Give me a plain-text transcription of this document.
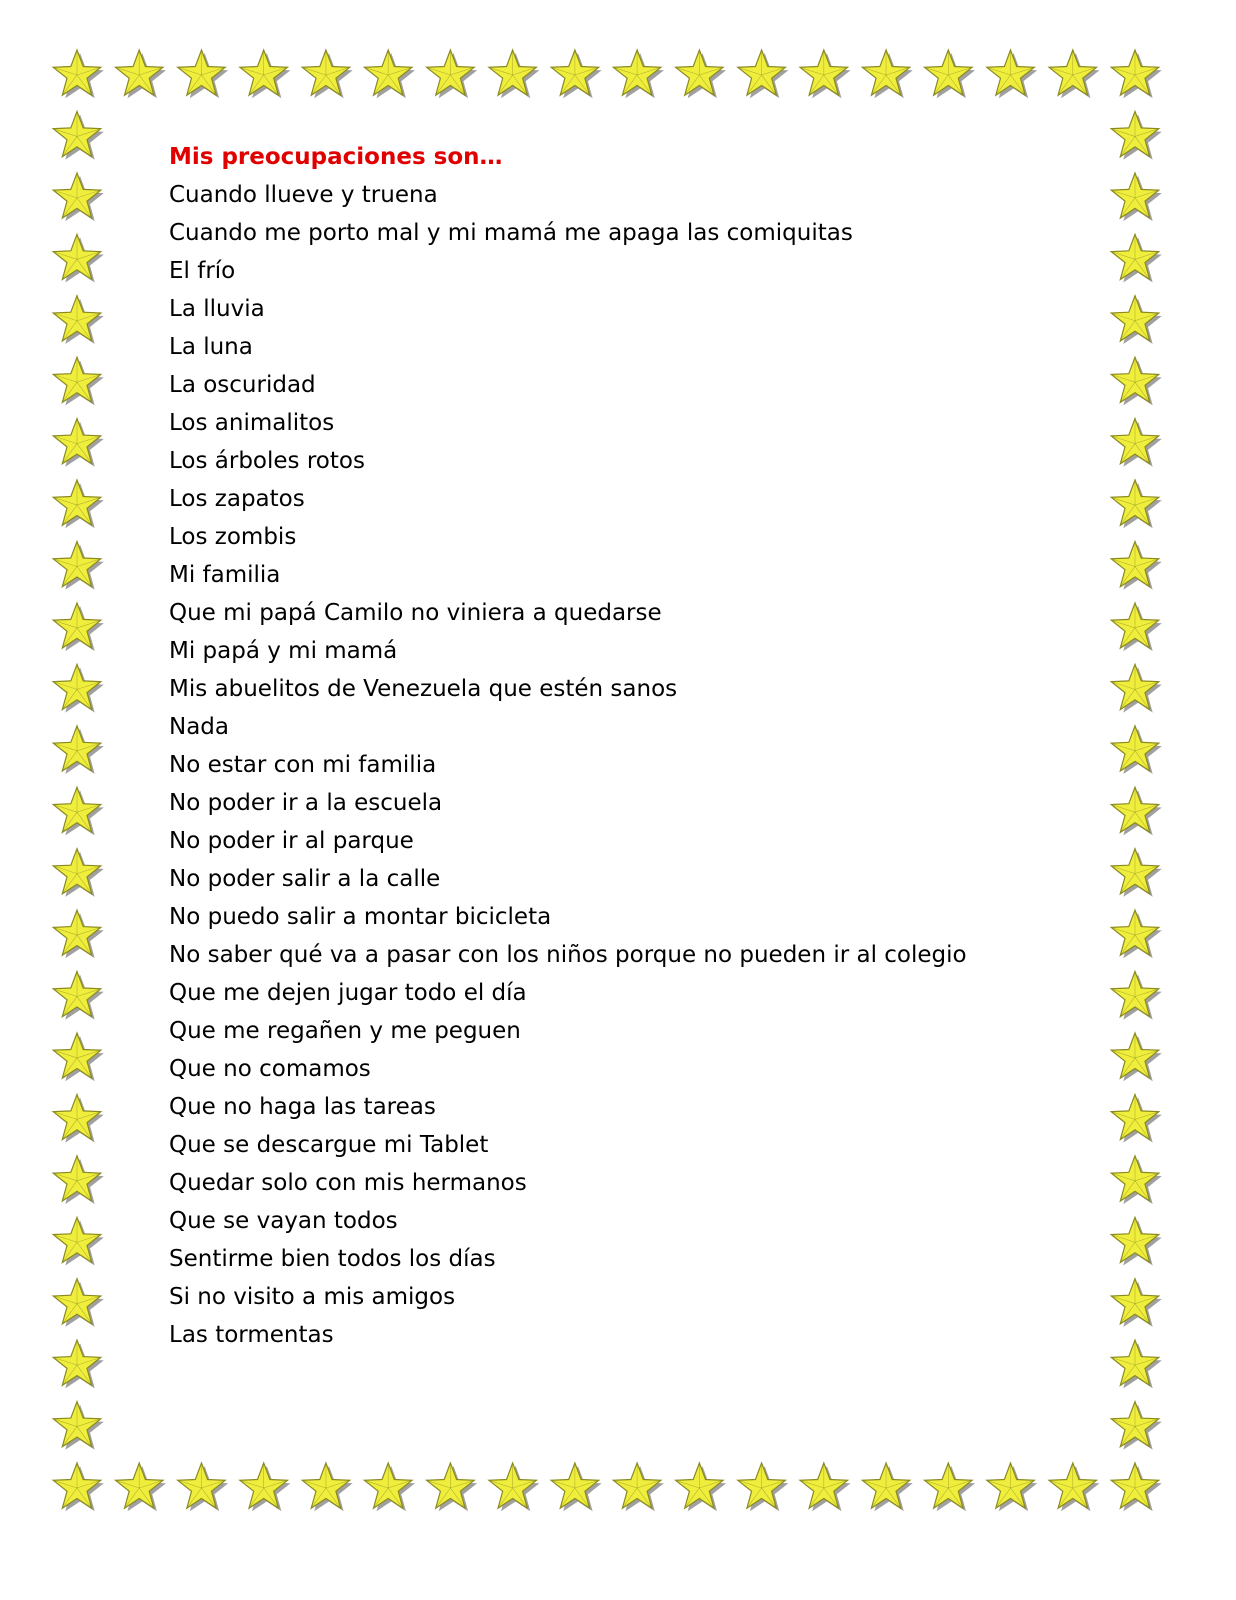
Mis preocupaciones son…
Cuando llueve y truena
Cuando me porto mal y mi mamá me apaga las comiquitas
El frío
La lluvia
La luna
La oscuridad
Los animalitos
Los árboles rotos
Los zapatos
Los zombis
Mi familia
Que mi papá Camilo no viniera a quedarse
Mi papá y mi mamá
Mis abuelitos de Venezuela que estén sanos
Nada
No estar con mi familia
No poder ir a la escuela
No poder ir al parque
No poder salir a la calle
No puedo salir a montar bicicleta
No saber qué va a pasar con los niños porque no pueden ir al colegio
Que me dejen jugar todo el día
Que me regañen y me peguen
Que no comamos
Que no haga las tareas
Que se descargue mi Tablet
Quedar solo con mis hermanos
Que se vayan todos
Sentirme bien todos los días
Si no visito a mis amigos
Las tormentas
